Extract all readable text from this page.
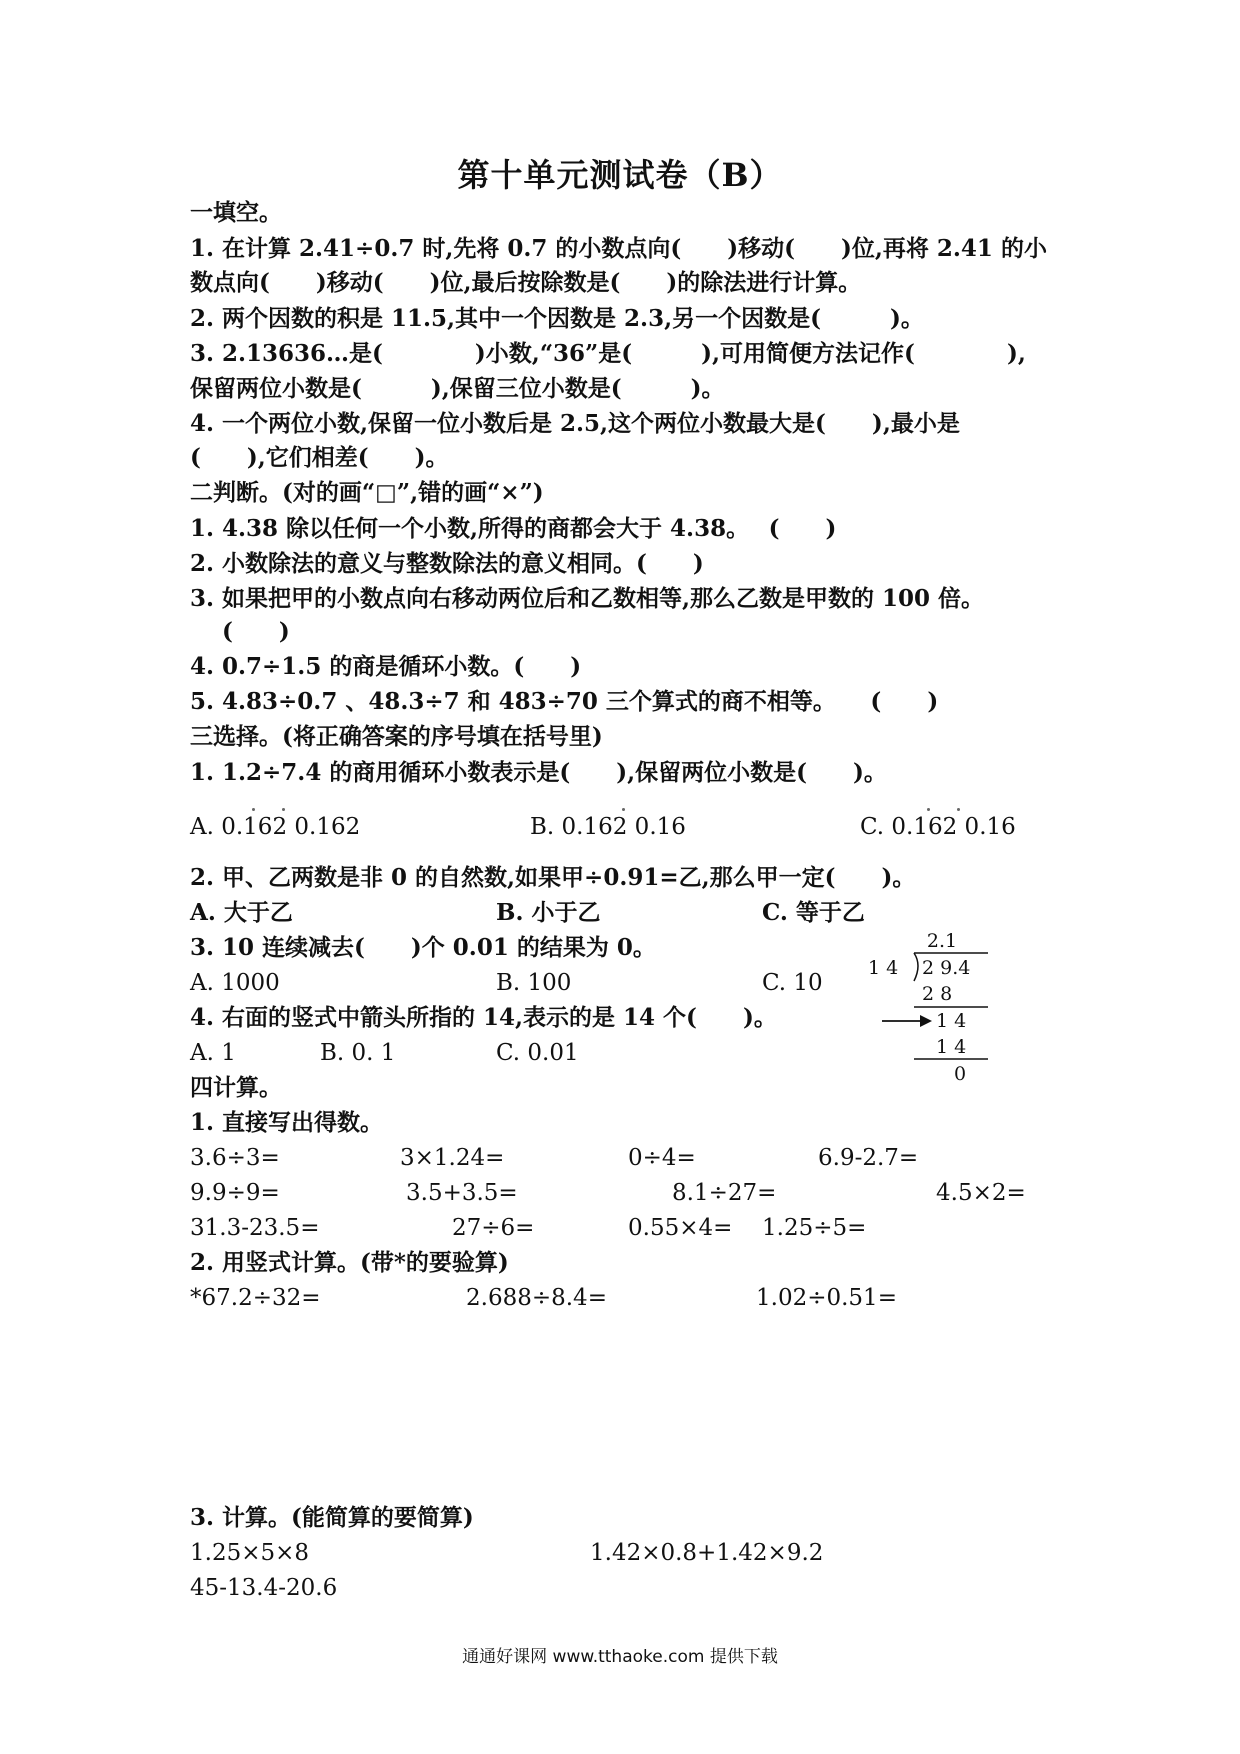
第十单元测试卷（B）
一填空。
1. 在计算 2.41÷0.7 时,先将 0.7 的小数点向(　　)移动(　　)位,再将 2.41 的小
数点向(　　)移动(　　)位,最后按除数是(　　)的除法进行计算。
2. 两个因数的积是 11.5,其中一个因数是 2.3,另一个因数是(　　　)。
3. 2.13636…是(　　　　)小数,“36”是(　　　),可用简便方法记作(　　　　),
保留两位小数是(　　　),保留三位小数是(　　　)。
4. 一个两位小数,保留一位小数后是 2.5,这个两位小数最大是(　　),最小是
(　　),它们相差(　　)。
二判断。(对的画“□”,错的画“×”)
1. 4.38 除以任何一个小数,所得的商都会大于 4.38。　 (　　)
2. 小数除法的意义与整数除法的意义相同。(　　)
3. 如果把甲的小数点向右移动两位后和乙数相等,那么乙数是甲数的 100 倍。
(　　)
4. 0.7÷1.5 的商是循环小数。(　　)
5. 4.83÷0.7 、48.3÷7 和 483÷70 三个算式的商不相等。　　(　　)
三选择。(将正确答案的序号填在括号里)
1. 1.2÷7.4 的商用循环小数表示是(　　),保留两位小数是(　　)。
A. 0.162 0.162	B. 0.162 0.16	C. 0.162 0.16
2. 甲、乙两数是非 0 的自然数,如果甲÷0.91=乙,那么甲一定(　　)。
A. 大于乙	B. 小于乙	C. 等于乙
3. 10 连续减去(　　)个 0.01 的结果为 0。
A. 1000	B. 100	C. 10
4. 右面的竖式中箭头所指的 14,表示的是 14 个(　　)。
A. 1	B. 0. 1	C. 0.01
2.1
1 4 2 9.4
2 8
1 4
1 4
0
四计算。
1. 直接写出得数。
3.6÷3=	3×1.24=	0÷4=	6.9-2.7=
9.9÷9=	3.5+3.5=	8.1÷27=	4.5×2=
31.3-23.5=	27÷6=	0.55×4= 1.25÷5=
2. 用竖式计算。(带*的要验算)
*67.2÷32=	2.688÷8.4=	1.02÷0.51=
3. 计算。(能简算的要简算)
1.25×5×8	1.42×0.8+1.42×9.2
45-13.4-20.6
通通好课网 www.tthaoke.com 提供下载
